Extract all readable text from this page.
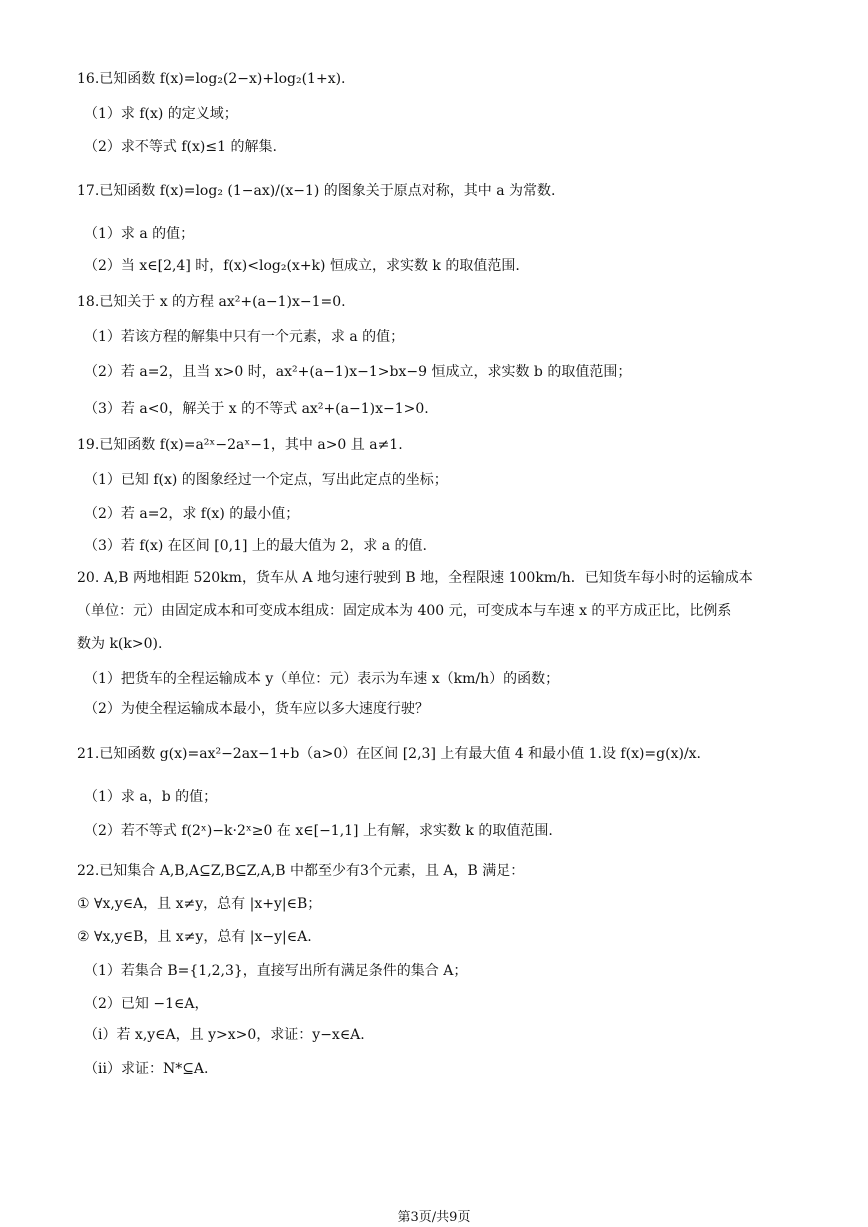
16.已知函数 f(x)=log₂(2−x)+log₂(1+x).
（1）求 f(x) 的定义域；
（2）求不等式 f(x)≤1 的解集.
17.已知函数 f(x)=log₂ (1−ax)/(x−1) 的图象关于原点对称，其中 a 为常数.
（1）求 a 的值；
（2）当 x∈[2,4] 时，f(x)<log₂(x+k) 恒成立，求实数 k 的取值范围.
18.已知关于 x 的方程 ax²+(a−1)x−1=0.
（1）若该方程的解集中只有一个元素，求 a 的值；
（2）若 a=2，且当 x>0 时，ax²+(a−1)x−1>bx−9 恒成立，求实数 b 的取值范围；
（3）若 a<0，解关于 x 的不等式 ax²+(a−1)x−1>0.
19.已知函数 f(x)=a²ˣ−2aˣ−1，其中 a>0 且 a≠1.
（1）已知 f(x) 的图象经过一个定点，写出此定点的坐标；
（2）若 a=2，求 f(x) 的最小值；
（3）若 f(x) 在区间 [0,1] 上的最大值为 2，求 a 的值.
20. A,B 两地相距 520km，货车从 A 地匀速行驶到 B 地，全程限速 100km/h．已知货车每小时的运输成本
（单位：元）由固定成本和可变成本组成：固定成本为 400 元，可变成本与车速 x 的平方成正比，比例系
数为 k(k>0).
（1）把货车的全程运输成本 y（单位：元）表示为车速 x（km/h）的函数；
（2）为使全程运输成本最小，货车应以多大速度行驶？
21.已知函数 g(x)=ax²−2ax−1+b（a>0）在区间 [2,3] 上有最大值 4 和最小值 1.设 f(x)=g(x)/x.
（1）求 a，b 的值；
（2）若不等式 f(2ˣ)−k·2ˣ≥0 在 x∈[−1,1] 上有解，求实数 k 的取值范围.
22.已知集合 A,B,A⊆Z,B⊆Z,A,B 中都至少有3个元素，且 A，B 满足：
① ∀x,y∈A，且 x≠y，总有 |x+y|∈B；
② ∀x,y∈B，且 x≠y，总有 |x−y|∈A.
（1）若集合 B={1,2,3}，直接写出所有满足条件的集合 A；
（2）已知 −1∈A，
（i）若 x,y∈A，且 y>x>0，求证：y−x∈A.
（ii）求证：N*⊆A.
第3页/共9页
